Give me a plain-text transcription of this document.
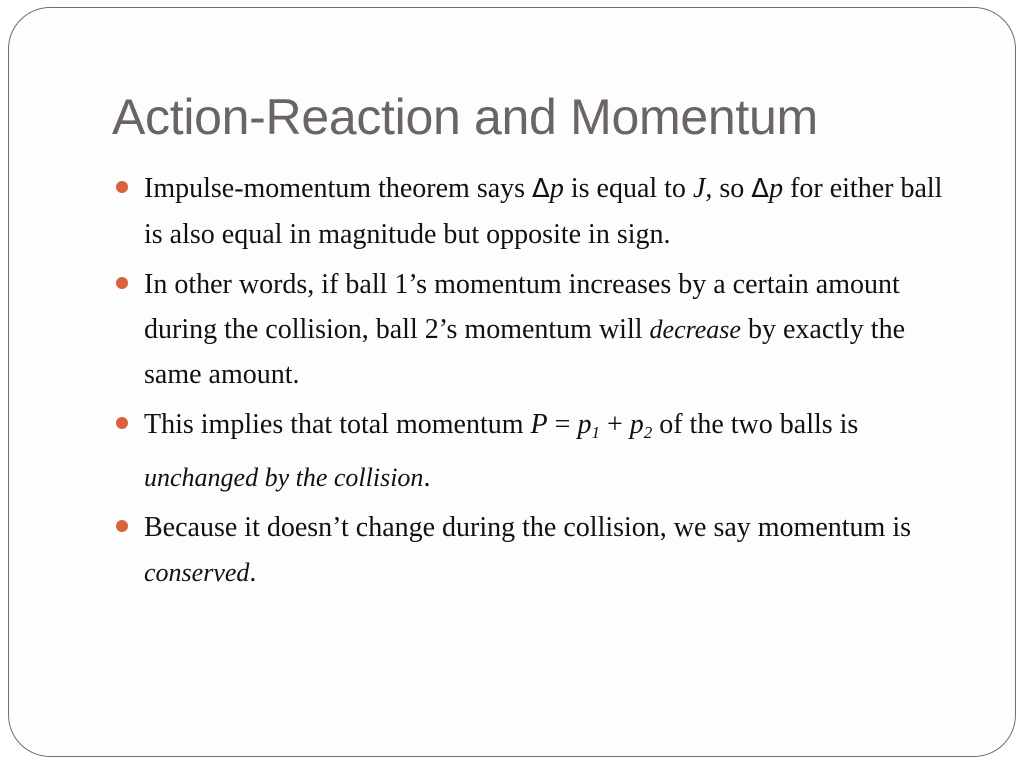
Action-Reaction and Momentum
Impulse-momentum theorem says Δp is equal to J, so Δp for either ball is also equal in magnitude but opposite in sign.
In other words, if ball 1’s momentum increases by a certain amount during the collision, ball 2’s momentum will decrease by exactly the same amount.
This implies that total momentum $P = p_1 + p_2$ of the two balls is unchanged by the collision.
Because it doesn’t change during the collision, we say momentum is conserved.
